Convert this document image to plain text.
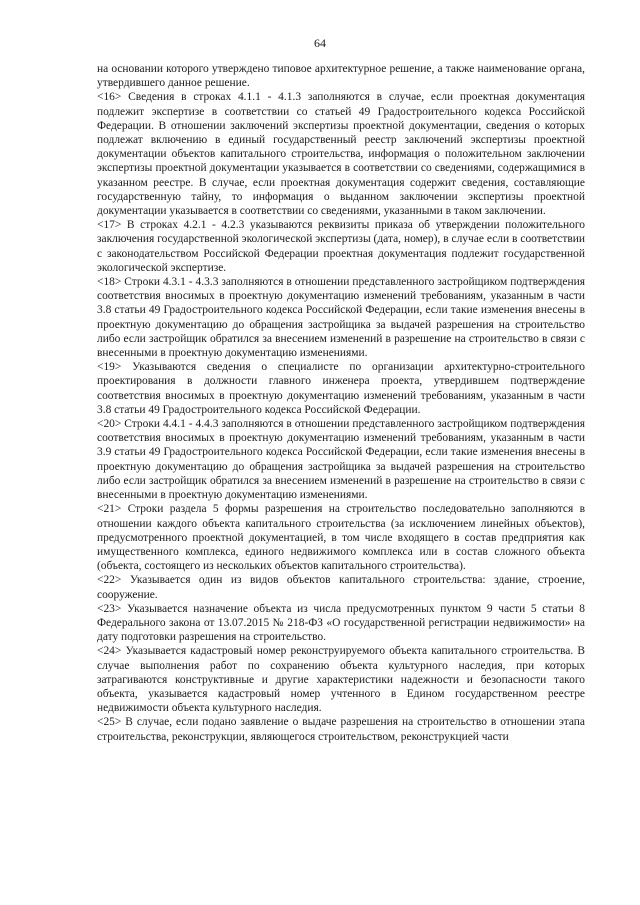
64

на основании которого утверждено типовое архитектурное решение, а также наименование органа, утвердившего данное решение.

<16> Сведения в строках 4.1.1 - 4.1.3 заполняются в случае, если проектная документация подлежит экспертизе в соответствии со статьей 49 Градостроительного кодекса Российской Федерации. В отношении заключений экспертизы проектной документации, сведения о которых подлежат включению в единый государственный реестр заключений экспертизы проектной документации объектов капитального строительства, информация о положительном заключении экспертизы проектной документации указывается в соответствии со сведениями, содержащимися в указанном реестре. В случае, если проектная документация содержит сведения, составляющие государственную тайну, то информация о выданном заключении экспертизы проектной документации указывается в соответствии со сведениями, указанными в таком заключении.

<17> В строках 4.2.1 - 4.2.3 указываются реквизиты приказа об утверждении положительного заключения государственной экологической экспертизы (дата, номер), в случае если в соответствии с законодательством Российской Федерации проектная документация подлежит государственной экологической экспертизе.

<18> Строки 4.3.1 - 4.3.3 заполняются в отношении представленного застройщиком подтверждения соответствия вносимых в проектную документацию изменений требованиям, указанным в части 3.8 статьи 49 Градостроительного кодекса Российской Федерации, если такие изменения внесены в проектную документацию до обращения застройщика за выдачей разрешения на строительство либо если застройщик обратился за внесением изменений в разрешение на строительство в связи с внесенными в проектную документацию изменениями.

<19> Указываются сведения о специалисте по организации архитектурно-строительного проектирования в должности главного инженера проекта, утвердившем подтверждение соответствия вносимых в проектную документацию изменений требованиям, указанным в части 3.8 статьи 49 Градостроительного кодекса Российской Федерации.

<20> Строки 4.4.1 - 4.4.3 заполняются в отношении представленного застройщиком подтверждения соответствия вносимых в проектную документацию изменений требованиям, указанным в части 3.9 статьи 49 Градостроительного кодекса Российской Федерации, если такие изменения внесены в проектную документацию до обращения застройщика за выдачей разрешения на строительство либо если застройщик обратился за внесением изменений в разрешение на строительство в связи с внесенными в проектную документацию изменениями.

<21> Строки раздела 5 формы разрешения на строительство последовательно заполняются в отношении каждого объекта капитального строительства (за исключением линейных объектов), предусмотренного проектной документацией, в том числе входящего в состав предприятия как имущественного комплекса, единого недвижимого комплекса или в состав сложного объекта (объекта, состоящего из нескольких объектов капитального строительства).

<22> Указывается один из видов объектов капитального строительства: здание, строение, сооружение.

<23> Указывается назначение объекта из числа предусмотренных пунктом 9 части 5 статьи 8 Федерального закона от 13.07.2015 № 218-ФЗ «О государственной регистрации недвижимости» на дату подготовки разрешения на строительство.

<24> Указывается кадастровый номер реконструируемого объекта капитального строительства. В случае выполнения работ по сохранению объекта культурного наследия, при которых затрагиваются конструктивные и другие характеристики надежности и безопасности такого объекта, указывается кадастровый номер учтенного в Едином государственном реестре недвижимости объекта культурного наследия.

<25> В случае, если подано заявление о выдаче разрешения на строительство в отношении этапа строительства, реконструкции, являющегося строительством, реконструкцией части
